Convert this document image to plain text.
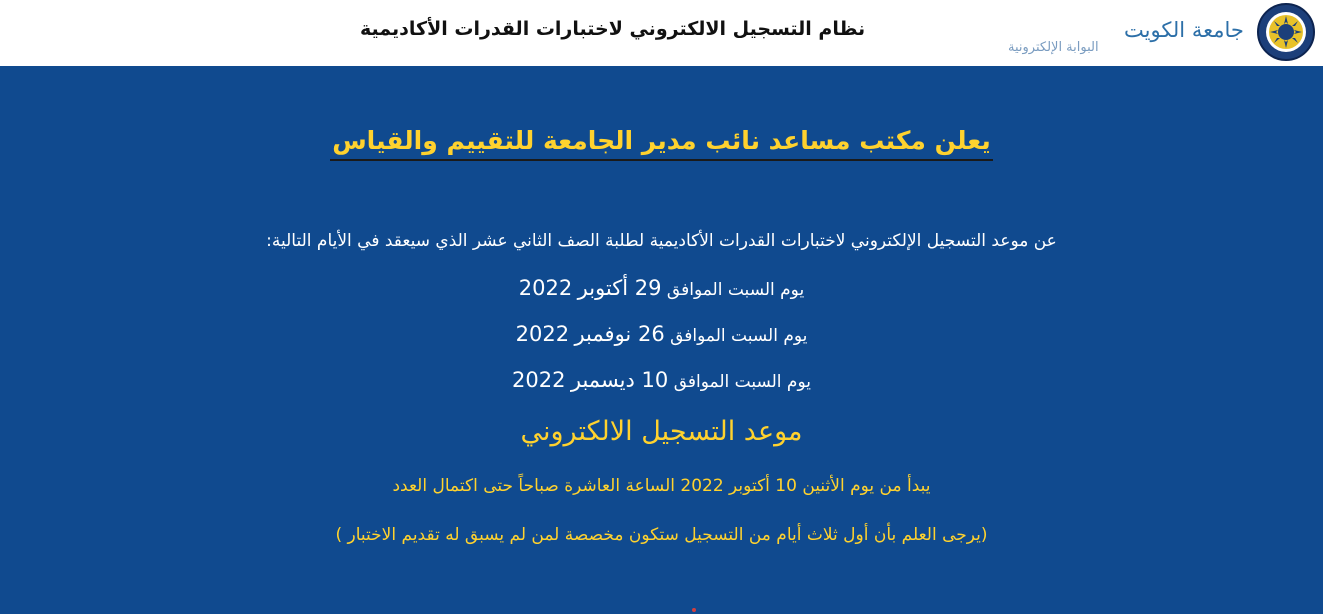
نظام التسجيل الالكتروني لاختبارات القدرات الأكاديمية	جامعة الكويت
البوابة الإلكترونية
يعلن مكتب مساعد نائب مدير الجامعة للتقييم والقياس
عن موعد التسجيل الإلكتروني لاختبارات القدرات الأكاديمية لطلبة الصف الثاني عشر الذي سيعقد في الأيام التالية:
يوم السبت الموافق 29 أكتوبر 2022
يوم السبت الموافق 26 نوفمبر 2022
يوم السبت الموافق 10 ديسمبر 2022
موعد التسجيل الالكتروني
يبدأ من يوم الأثنين 10 أكتوبر 2022 الساعة العاشرة صباحاً حتى اكتمال العدد
(يرجى العلم بأن أول ثلاث أيام من التسجيل ستكون مخصصة لمن لم يسبق له تقديم الاختبار )
